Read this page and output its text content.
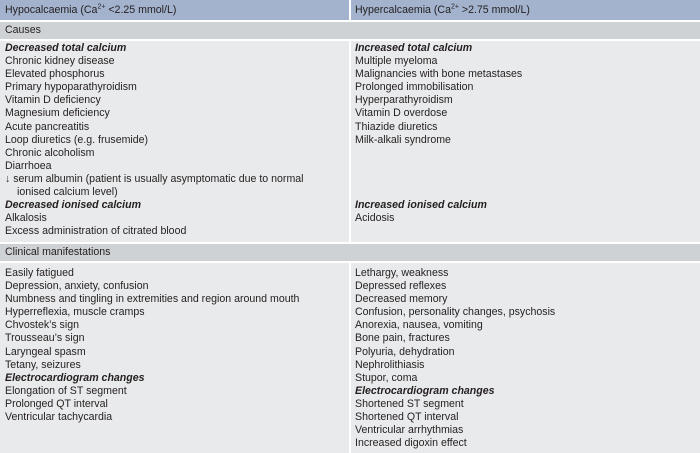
Hypocalcaemia ($Ca^{2+} <2.25$ mmol/L)	Hypercalcaemia ($Ca^{2+} >2.75$ mmol/L)
Causes
Decreased total calcium
Chronic kidney disease
Elevated phosphorus
Primary hypoparathyroidism
Vitamin D deficiency
Magnesium deficiency
Acute pancreatitis
Loop diuretics (e.g. frusemide)
Chronic alcoholism
Diarrhoea
↓ serum albumin (patient is usually asymptomatic due to normal
ionised calcium level)
Decreased ionised calcium
Alkalosis
Excess administration of citrated blood
Increased total calcium
Multiple myeloma
Malignancies with bone metastases
Prolonged immobilisation
Hyperparathyroidism
Vitamin D overdose
Thiazide diuretics
Milk-alkali syndrome
Increased ionised calcium
Acidosis
Clinical manifestations
Easily fatigued
Depression, anxiety, confusion
Numbness and tingling in extremities and region around mouth
Hyperreflexia, muscle cramps
Chvostek’s sign
Trousseau’s sign
Laryngeal spasm
Tetany, seizures
Electrocardiogram changes
Elongation of ST segment
Prolonged QT interval
Ventricular tachycardia
Lethargy, weakness
Depressed reflexes
Decreased memory
Confusion, personality changes, psychosis
Anorexia, nausea, vomiting
Bone pain, fractures
Polyuria, dehydration
Nephrolithiasis
Stupor, coma
Electrocardiogram changes
Shortened ST segment
Shortened QT interval
Ventricular arrhythmias
Increased digoxin effect
